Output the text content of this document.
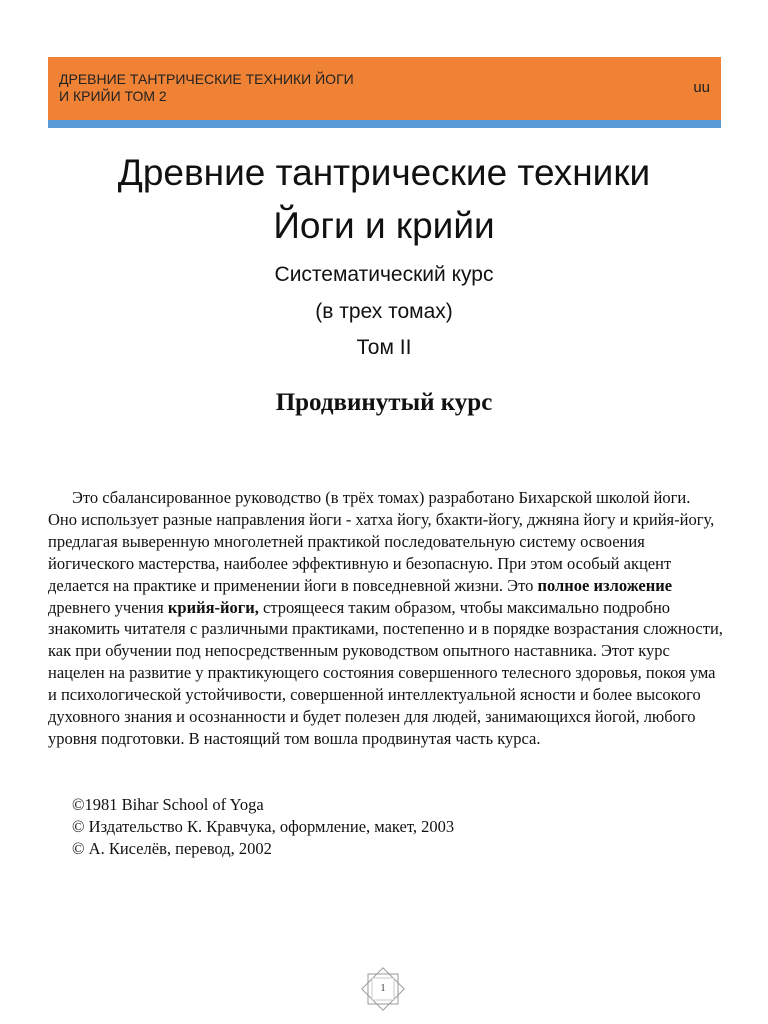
ДРЕВНИЕ ТАНТРИЧЕСКИЕ ТЕХНИКИ ЙОГИ
И КРИЙИ ТОМ 2	uu
Древние тантрические техники
Йоги и крийи
Систематический курс
(в трех томах)
Том II
Продвинутый курс

Это сбалансированное руководство (в трёх томах) разработано Бихарской школой йоги. Оно использует разные направления йоги - хатха йогу, бхакти-йогу, джняна йогу и крийя-йогу, предлагая выверенную многолетней практикой последовательную систему освоения йогического мастерства, наиболее эффективную и безопасную. При этом особый акцент делается на практике и применении йоги в повседневной жизни. Это полное изложение древнего учения крийя-йоги, строящееся таким образом, чтобы максимально подробно знакомить читателя с различными практиками, постепенно и в порядке возрастания сложности, как при обучении под непосредственным руководством опытного наставника. Этот курс нацелен на развитие у практикующего состояния совершенного телесного здоровья, покоя ума и психологической устойчивости, совершенной интеллектуальной ясности и более высокого духовного знания и осознанности и будет полезен для людей, занимающихся йогой, любого уровня подготовки. В настоящий том вошла продвинутая часть курса.

©1981 Bihar School of Yoga
© Издательство К. Кравчука, оформление, макет, 2003
© А. Киселёв, перевод, 2002
1
